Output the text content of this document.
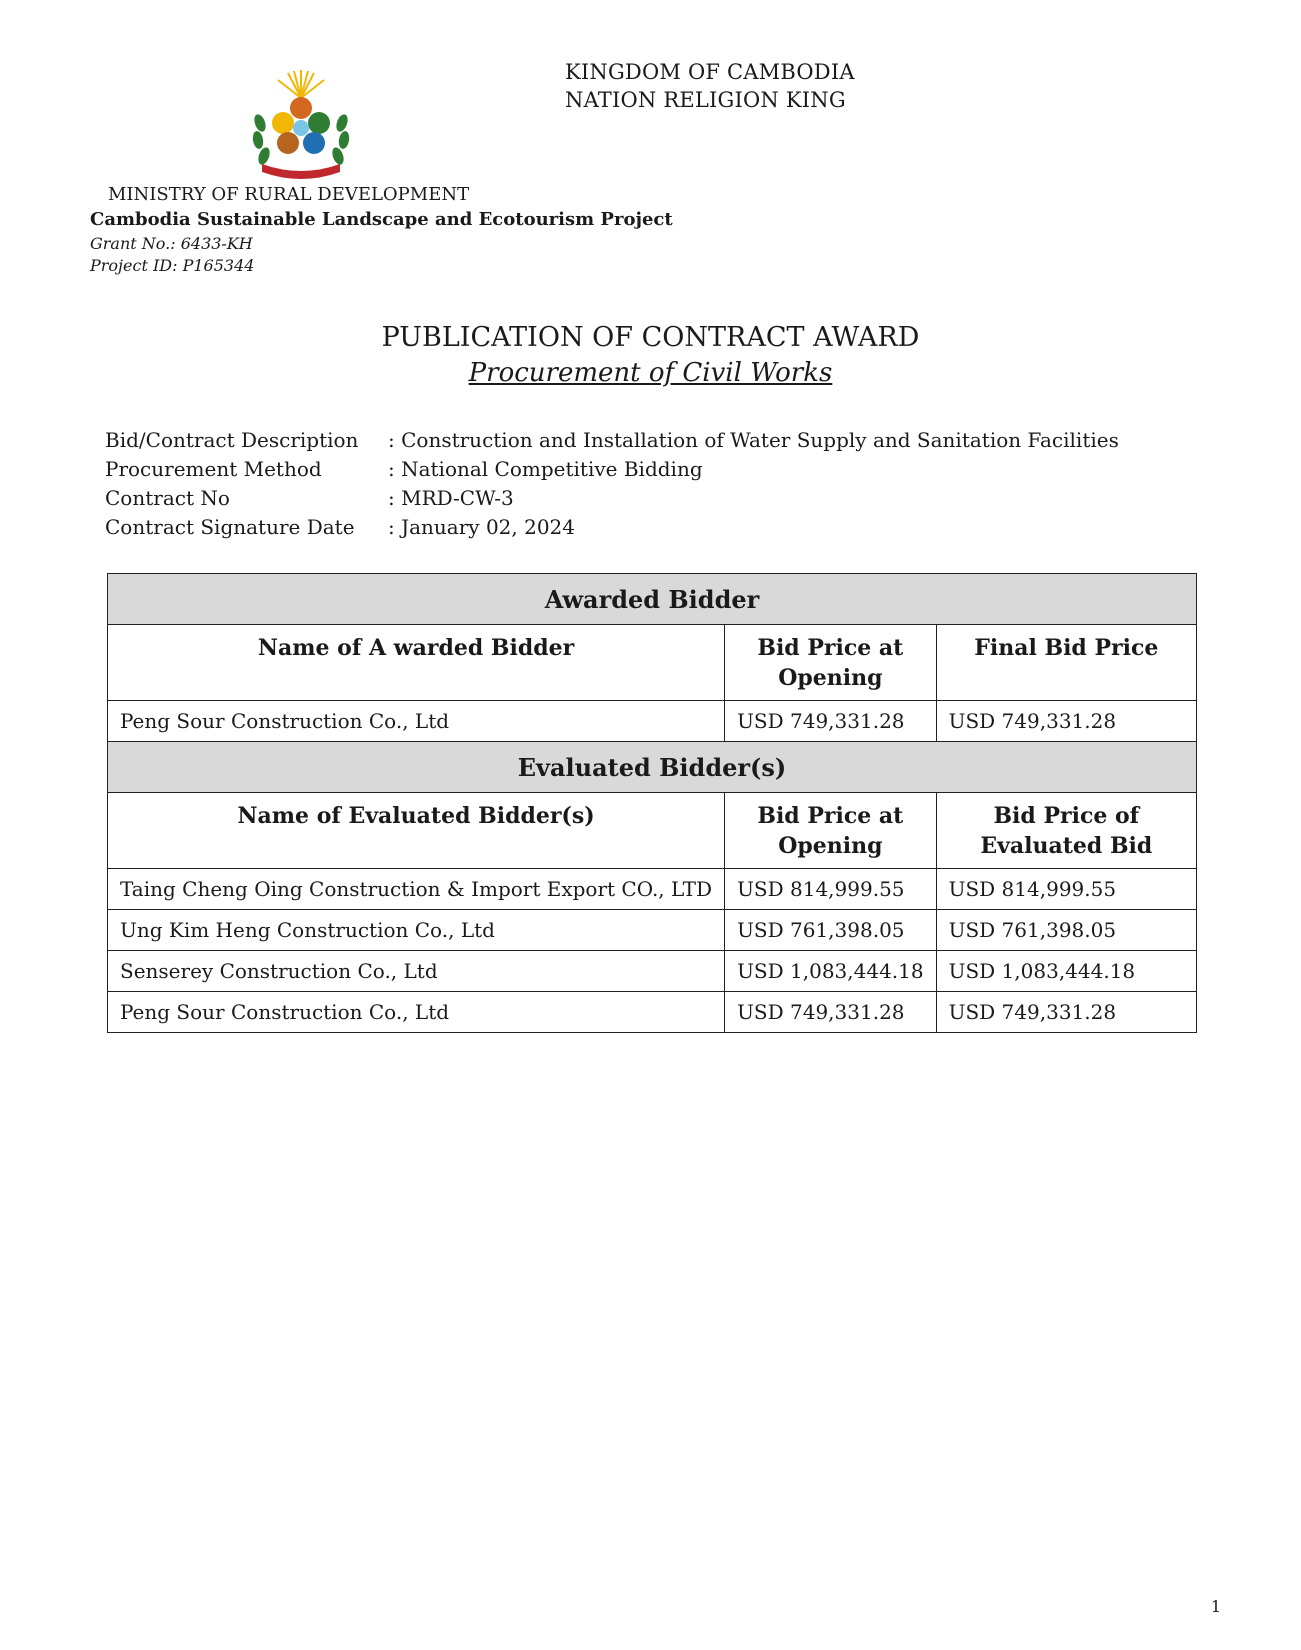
KINGDOM OF CAMBODIA
NATION RELIGION KING
MINISTRY OF RURAL DEVELOPMENT
Cambodia Sustainable Landscape and Ecotourism Project
Grant No.: 6433-KH
Project ID: P165344
PUBLICATION OF CONTRACT AWARD
Procurement of Civil Works
Bid/Contract Description	: Construction and Installation of Water Supply and Sanitation Facilities
Procurement Method	: National Competitive Bidding
Contract No	: MRD-CW-3
Contract Signature Date	: January 02, 2024
Awarded Bidder		
Name of A warded Bidder	Bid Price at Opening	Final Bid Price
Peng Sour Construction Co., Ltd	USD 749,331.28	USD 749,331.28
Evaluated Bidder(s)		
Name of Evaluated Bidder(s)	Bid Price at Opening	Bid Price of Evaluated Bid
Taing Cheng Oing Construction & Import Export CO., LTD	USD 814,999.55	USD 814,999.55
Ung Kim Heng Construction Co., Ltd	USD 761,398.05	USD 761,398.05
Senserey Construction Co., Ltd	USD 1,083,444.18	USD 1,083,444.18
Peng Sour Construction Co., Ltd	USD 749,331.28	USD 749,331.28
1
